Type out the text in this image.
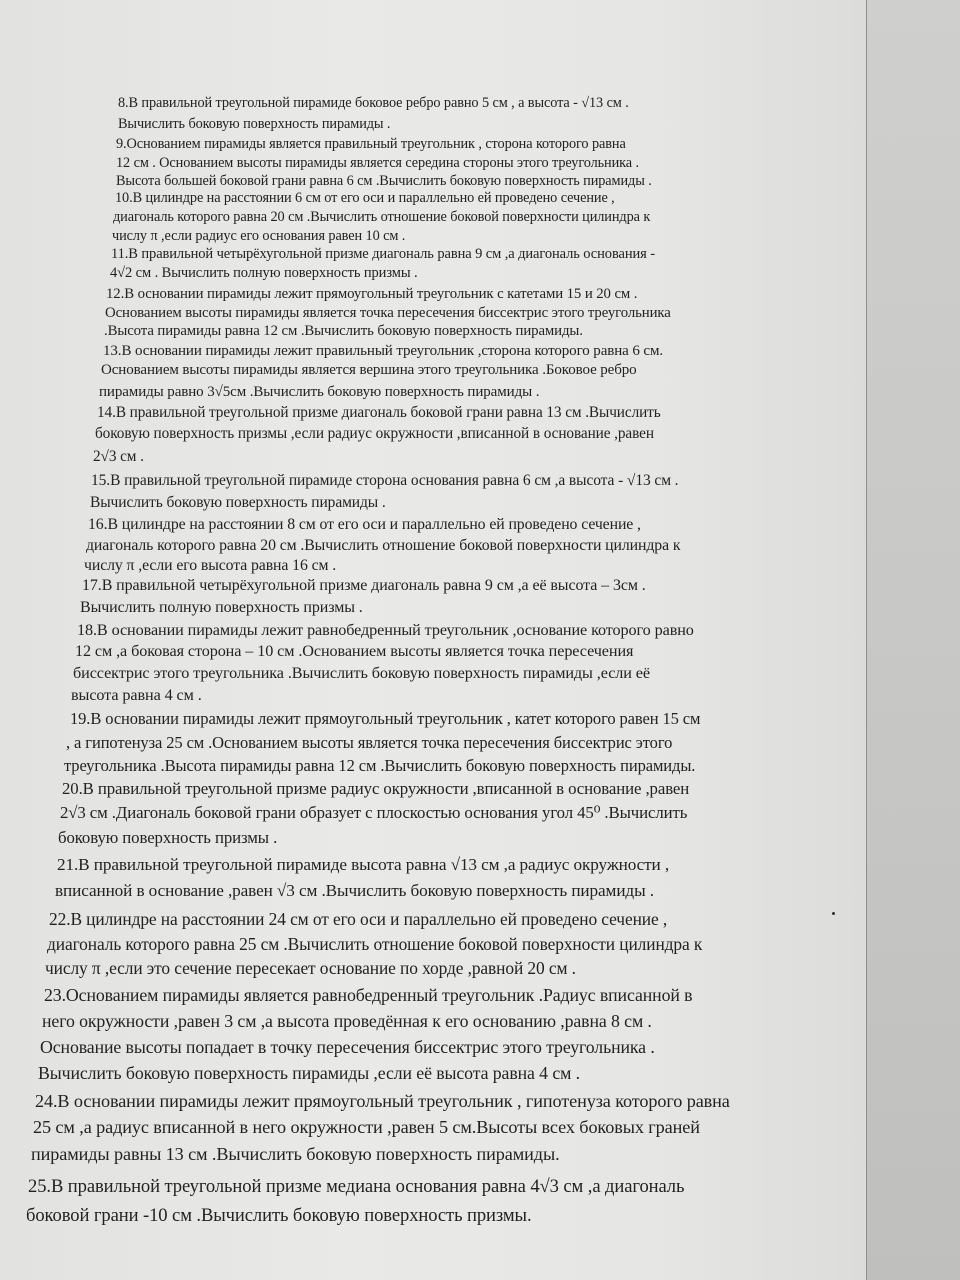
8.В правильной треугольной пирамиде боковое ребро равно 5 см , а высота - √13 см .
Вычислить боковую поверхность пирамиды .
9.Основанием пирамиды является правильный треугольник , сторона которого равна
12 см . Основанием высоты пирамиды является середина стороны этого треугольника .
Высота большей боковой грани равна 6 см .Вычислить боковую поверхность пирамиды .
10.В цилиндре на расстоянии 6 см от его оси и параллельно ей проведено сечение ,
диагональ которого равна 20 см .Вычислить отношение боковой поверхности цилиндра к
числу π ,если радиус его основания равен 10 см .
11.В правильной четырёхугольной призме диагональ равна 9 см ,а диагональ основания -
4√2 см . Вычислить полную поверхность призмы .
12.В основании пирамиды лежит прямоугольный треугольник с катетами 15 и 20 см .
Основанием высоты пирамиды является точка пересечения биссектрис этого треугольника
.Высота пирамиды равна 12 см .Вычислить боковую поверхность пирамиды.
13.В основании пирамиды лежит правильный треугольник ,сторона которого равна 6 см.
Основанием высоты пирамиды является вершина этого треугольника .Боковое ребро
пирамиды равно 3√5см .Вычислить боковую поверхность пирамиды .
14.В правильной треугольной призме диагональ боковой грани равна 13 см .Вычислить
боковую поверхность призмы ,если радиус окружности ,вписанной в основание ,равен
2√3 см .
15.В правильной треугольной пирамиде сторона основания равна 6 см ,а высота - √13 см .
Вычислить боковую поверхность пирамиды .
16.В цилиндре на расстоянии 8 см от его оси и параллельно ей проведено сечение ,
диагональ которого равна 20 см .Вычислить отношение боковой поверхности цилиндра к
числу π ,если его высота равна 16 см .
17.В правильной четырёхугольной призме диагональ равна 9 см ,а её высота – 3см .
Вычислить полную поверхность призмы .
18.В основании пирамиды лежит равнобедренный треугольник ,основание которого равно
12 см ,а боковая сторона – 10 см .Основанием высоты является точка пересечения
биссектрис этого треугольника .Вычислить боковую поверхность пирамиды ,если её
высота равна 4 см .
19.В основании пирамиды лежит прямоугольный треугольник , катет которого равен 15 см
, а гипотенуза 25 см .Основанием высоты является точка пересечения биссектрис этого
треугольника .Высота пирамиды равна 12 см .Вычислить боковую поверхность пирамиды.
20.В правильной треугольной призме радиус окружности ,вписанной в основание ,равен
2√3 см .Диагональ боковой грани образует с плоскостью основания угол 45⁰ .Вычислить
боковую поверхность призмы .
21.В правильной треугольной пирамиде высота равна √13 см ,а радиус окружности ,
вписанной в основание ,равен √3 см .Вычислить боковую поверхность пирамиды .
22.В цилиндре на расстоянии 24 см от его оси и параллельно ей проведено сечение ,
диагональ которого равна 25 см .Вычислить отношение боковой поверхности цилиндра к
числу π ,если это сечение пересекает основание по хорде ,равной 20 см .
23.Основанием пирамиды является равнобедренный треугольник .Радиус вписанной в
него окружности ,равен 3 см ,а высота проведённая к его основанию ,равна 8 см .
Основание высоты попадает в точку пересечения биссектрис этого треугольника .
Вычислить боковую поверхность пирамиды ,если её высота равна 4 см .
24.В основании пирамиды лежит прямоугольный треугольник , гипотенуза которого равна
25 см ,а радиус вписанной в него окружности ,равен 5 см.Высоты всех боковых граней
пирамиды равны 13 см .Вычислить боковую поверхность пирамиды.
25.В правильной треугольной призме медиана основания равна 4√3 см ,а диагональ
боковой грани -10 см .Вычислить боковую поверхность призмы.
